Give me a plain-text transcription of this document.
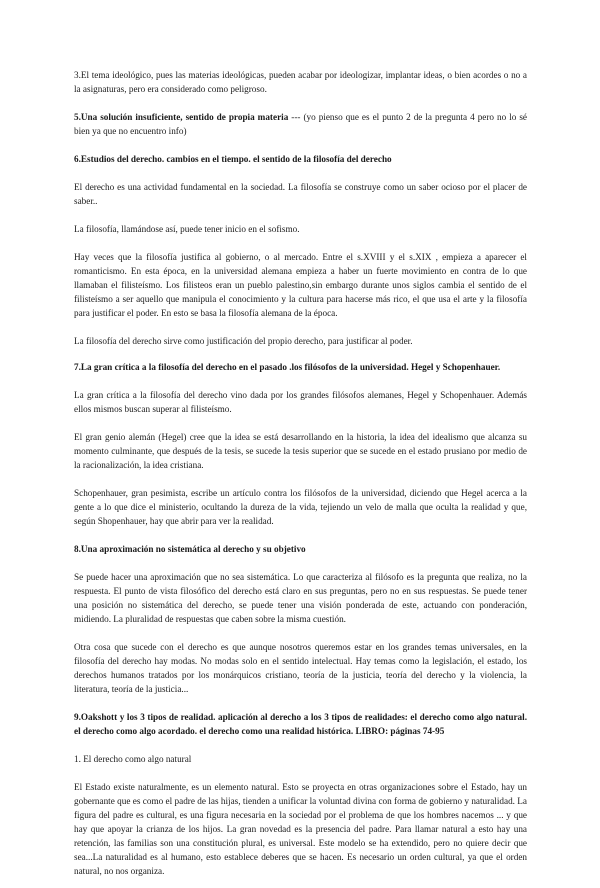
3.El tema ideológico, pues las materias ideológicas, pueden acabar por ideologizar, implantar ideas, o bien acordes o no a la asignaturas, pero era considerado como peligroso.

5.Una solución insuficiente, sentido de propia materia --- (yo pienso que es el punto 2 de la pregunta 4 pero no lo sé bien ya que no encuentro info)

6.Estudios del derecho. cambios en el tiempo. el sentido de la filosofía del derecho

El derecho es una actividad fundamental en la sociedad. La filosofía se construye como un saber ocioso por el placer de saber..

La filosofía, llamándose así, puede tener inicio en el sofismo.

Hay veces que la filosofía justifica al gobierno, o al mercado. Entre el s.XVIII y el s.XIX , empieza a aparecer el romanticismo. En esta época, en la universidad alemana empieza a haber un fuerte movimiento en contra de lo que llamaban el filisteísmo. Los filisteos eran un pueblo palestino,sin embargo durante unos siglos cambia el sentido de el filisteísmo a ser aquello que manipula el conocimiento y la cultura para hacerse más rico, el que usa el arte y la filosofía para justificar el poder. En esto se basa la filosofía alemana de la época.

La filosofía del derecho sirve como justificación del propio derecho, para justificar al poder.

7.La gran crítica a la filosofía del derecho en el pasado .los filósofos de la universidad. Hegel y Schopenhauer.

La gran crítica a la filosofía del derecho vino dada por los grandes filósofos alemanes, Hegel y Schopenhauer. Además ellos mismos buscan superar al filisteísmo.

El gran genio alemán (Hegel) cree que la idea se está desarrollando en la historia, la idea del idealismo que alcanza su momento culminante, que después de la tesis, se sucede la tesis superior que se sucede en el estado prusiano por medio de la racionalización, la idea cristiana.

Schopenhauer, gran pesimista, escribe un artículo contra los filósofos de la universidad, diciendo que Hegel acerca a la gente a lo que dice el ministerio, ocultando la dureza de la vida, tejiendo un velo de malla que oculta la realidad y que, según Shopenhauer, hay que abrir para ver la realidad.

8.Una aproximación no sistemática al derecho y su objetivo

Se puede hacer una aproximación que no sea sistemática. Lo que caracteriza al filósofo es la pregunta que realiza, no la respuesta. El punto de vista filosófico del derecho está claro en sus preguntas, pero no en sus respuestas. Se puede tener una posición no sistemática del derecho, se puede tener una visión ponderada de este, actuando con ponderación, midiendo. La pluralidad de respuestas que caben sobre la misma cuestión.

Otra cosa que sucede con el derecho es que aunque nosotros queremos estar en los grandes temas universales, en la filosofía del derecho hay modas. No modas solo en el sentido intelectual. Hay temas como la legislación, el estado, los derechos humanos tratados por los monárquicos cristiano, teoría de la justicia, teoría del derecho y la violencia, la literatura, teoría de la justicia...

9.Oakshott y los 3 tipos de realidad. aplicación al derecho a los 3 tipos de realidades: el derecho como algo natural. el derecho como algo acordado. el derecho como una realidad histórica. LIBRO: páginas 74-95

1. El derecho como algo natural

El Estado existe naturalmente, es un elemento natural. Esto se proyecta en otras organizaciones sobre el Estado, hay un gobernante que es como el padre de las hijas, tienden a unificar la voluntad divina con forma de gobierno y naturalidad. La figura del padre es cultural, es una figura necesaria en la sociedad por el problema de que los hombres nacemos ... y que hay que apoyar la crianza de los hijos. La gran novedad es la presencia del padre. Para llamar natural a esto hay una retención, las familias son una constitución plural, es universal. Este modelo se ha extendido, pero no quiere decir que sea...La naturalidad es al humano, esto establece deberes que se hacen. Es necesario un orden cultural, ya que el orden natural, no nos organiza.
